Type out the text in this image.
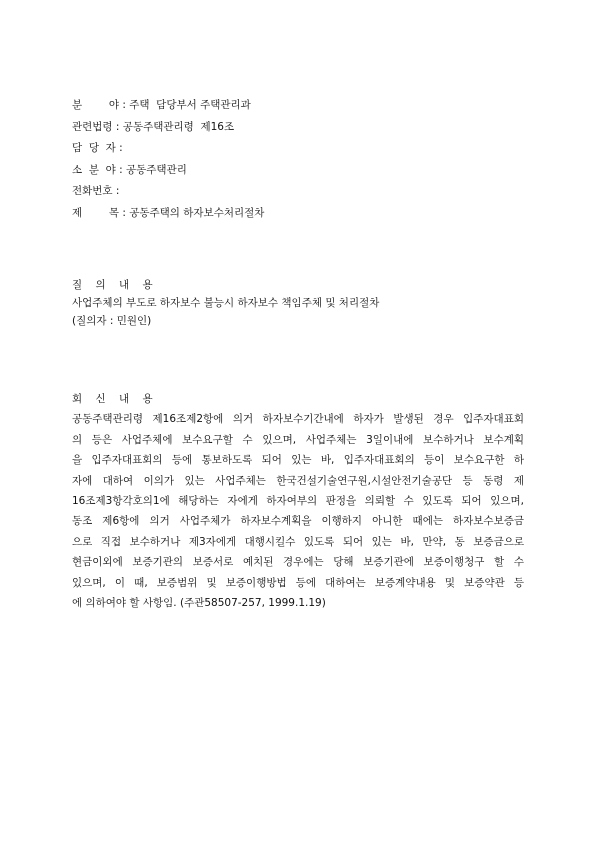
분        야 : 주택  담당부서 주택관리과
관련법령 : 공동주택관리령  제16조
담  당  자 :
소  분  야 : 공동주택관리
전화번호 :
제        목 : 공동주택의 하자보수처리절차
질    의    내    용
사업주체의 부도로 하자보수 불능시 하자보수 책임주체 및 처리절차
(질의자 : 민원인)
회    신    내    용
공동주택관리령 제16조제2항에 의거 하자보수기간내에 하자가 발생된 경우 입주자대표회
의 등은 사업주체에 보수요구할 수 있으며, 사업주체는 3일이내에 보수하거나 보수계획
을 입주자대표회의 등에 통보하도록 되어 있는 바, 입주자대표회의 등이 보수요구한 하
자에 대하여 이의가 있는 사업주체는 한국건설기술연구원,시설안전기술공단 등 동령 제
16조제3항각호의1에 해당하는 자에게 하자여부의 판정을 의뢰할 수 있도록 되어 있으며,
동조 제6항에 의거 사업주체가 하자보수계획을 이행하지 아니한 때에는 하자보수보증금
으로 직접 보수하거나 제3자에게 대행시킬수 있도록 되어 있는 바, 만약, 동 보증금으로
현금이외에 보증기관의 보증서로 예치된 경우에는 당해 보증기관에 보증이행청구 할 수
있으며, 이 때, 보증범위 및 보증이행방법 등에 대하여는 보증계약내용 및 보증약관 등
에 의하여야 할 사항임. (주관58507-257, 1999.1.19)
